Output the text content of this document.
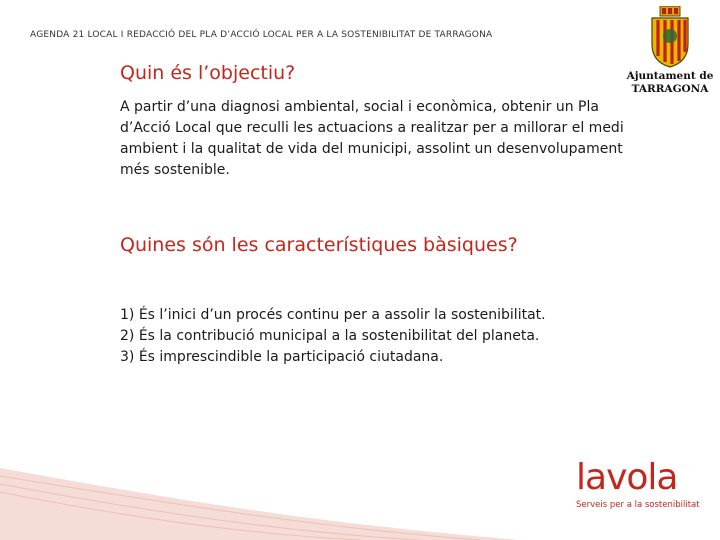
AGENDA 21 LOCAL I REDACCIÓ DEL PLA D’ACCIÓ LOCAL PER A LA SOSTENIBILITAT DE TARRAGONA
Ajuntament de
TARRAGONA
Quin és l’objectiu?

A partir d’una diagnosi ambiental, social i econòmica, obtenir un Pla d’Acció Local que reculli les actuacions a realitzar per a millorar el medi ambient i la qualitat de vida del municipi, assolint un desenvolupament més sostenible.

Quines són les característiques bàsiques?
1) És l’inici d’un procés continu per a assolir la sostenibilitat.
2) És la contribució municipal a la sostenibilitat del planeta.
3) És imprescindible la participació ciutadana.
lavola
Serveis per a la sostenibilitat
